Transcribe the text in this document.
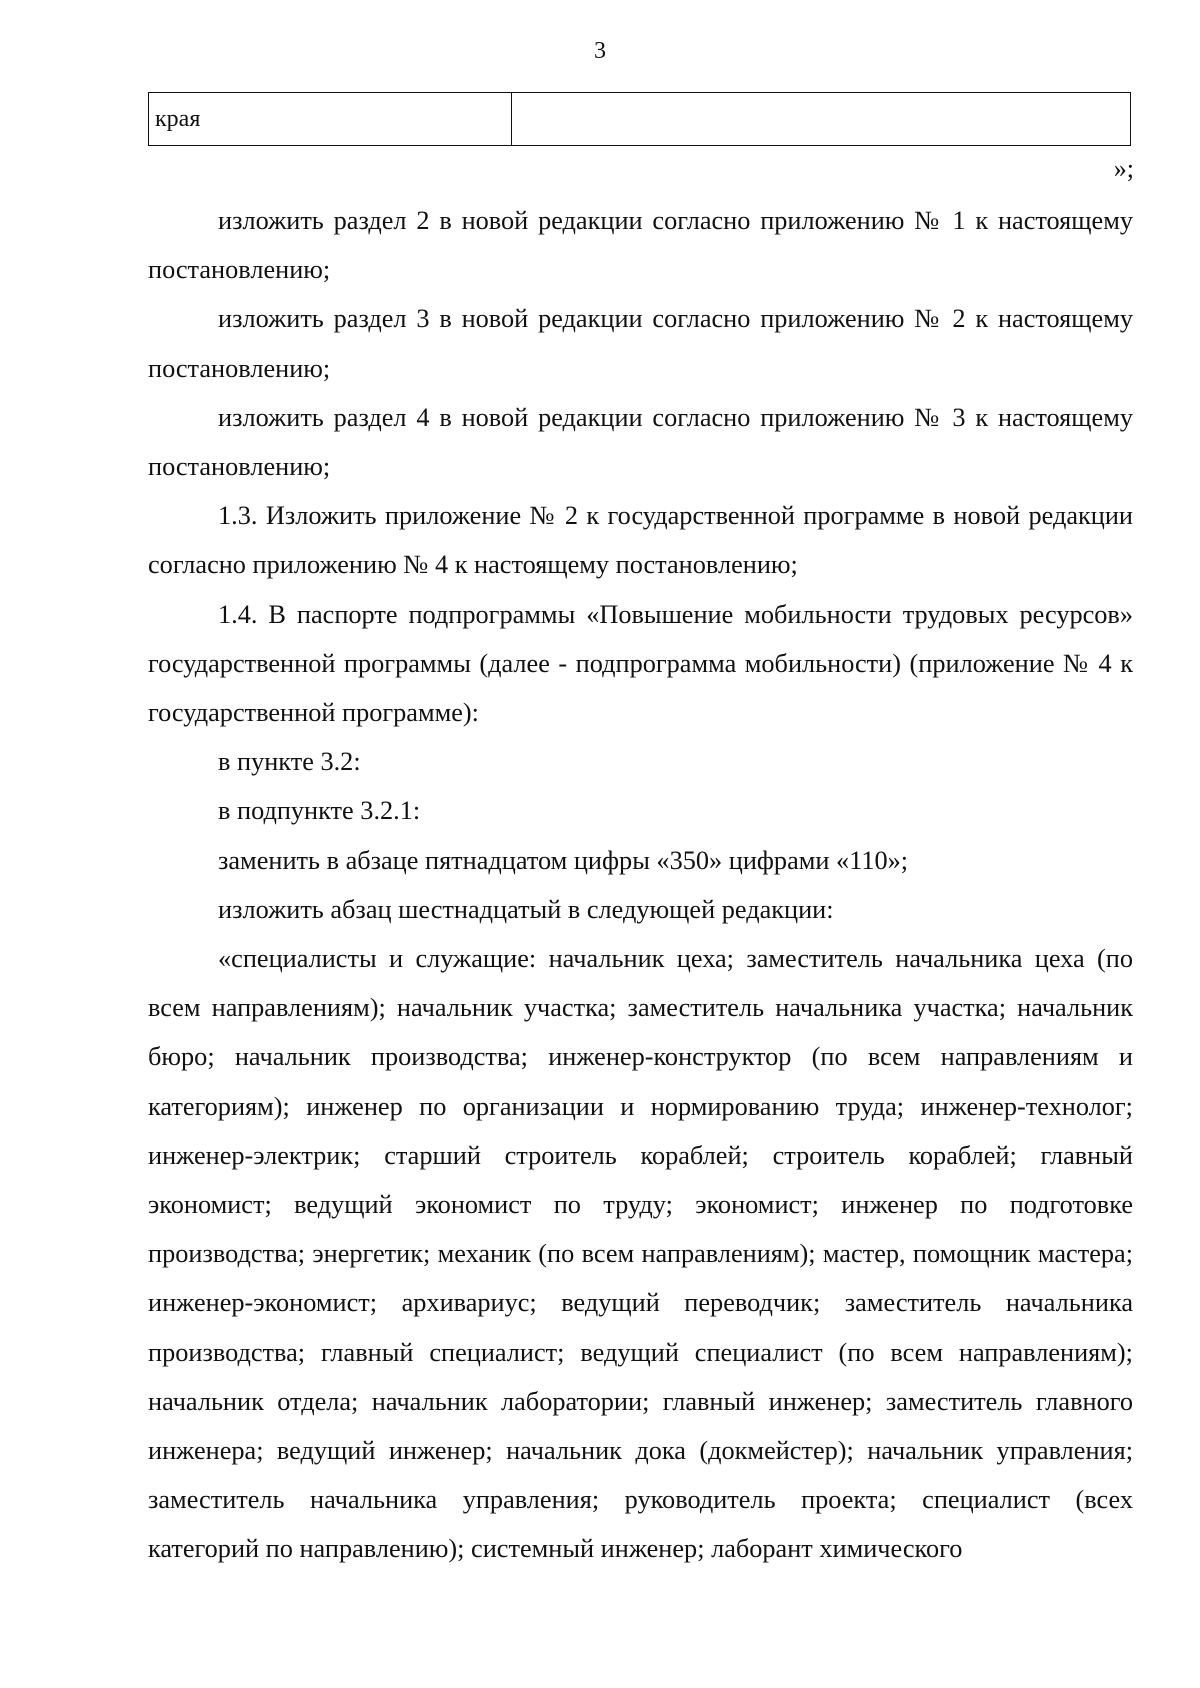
3
края	
»;

изложить раздел 2 в новой редакции согласно приложению № 1 к настоящему постановлению;

изложить раздел 3 в новой редакции согласно приложению № 2 к настоящему постановлению;

изложить раздел 4 в новой редакции согласно приложению № 3 к настоящему постановлению;

1.3. Изложить приложение № 2 к государственной программе в новой редакции согласно приложению № 4 к настоящему постановлению;

1.4. В паспорте подпрограммы «Повышение мобильности трудовых ресурсов» государственной программы (далее - подпрограмма мобильности) (приложение № 4 к государственной программе):

в пункте 3.2:

в подпункте 3.2.1:

заменить в абзаце пятнадцатом цифры «350» цифрами «110»;

изложить абзац шестнадцатый в следующей редакции:

«специалисты и служащие: начальник цеха; заместитель начальника цеха (по всем направлениям); начальник участка; заместитель начальника участка; начальник бюро; начальник производства; инженер-конструктор (по всем направлениям и категориям); инженер по организации и нормированию труда; инженер-технолог; инженер-электрик; старший строитель кораблей; строитель кораблей; главный экономист; ведущий экономист по труду; экономист; инженер по подготовке производства; энергетик; механик (по всем направлениям); мастер, помощник мастера; инженер-экономист; архивариус; ведущий переводчик; заместитель начальника производства; главный специалист; ведущий специалист (по всем направлениям); начальник отдела; начальник лаборатории; главный инженер; заместитель главного инженера; ведущий инженер; начальник дока (докмейстер); начальник управления; заместитель начальника управления; руководитель проекта; специалист (всех категорий по направлению); системный инженер; лаборант химического
